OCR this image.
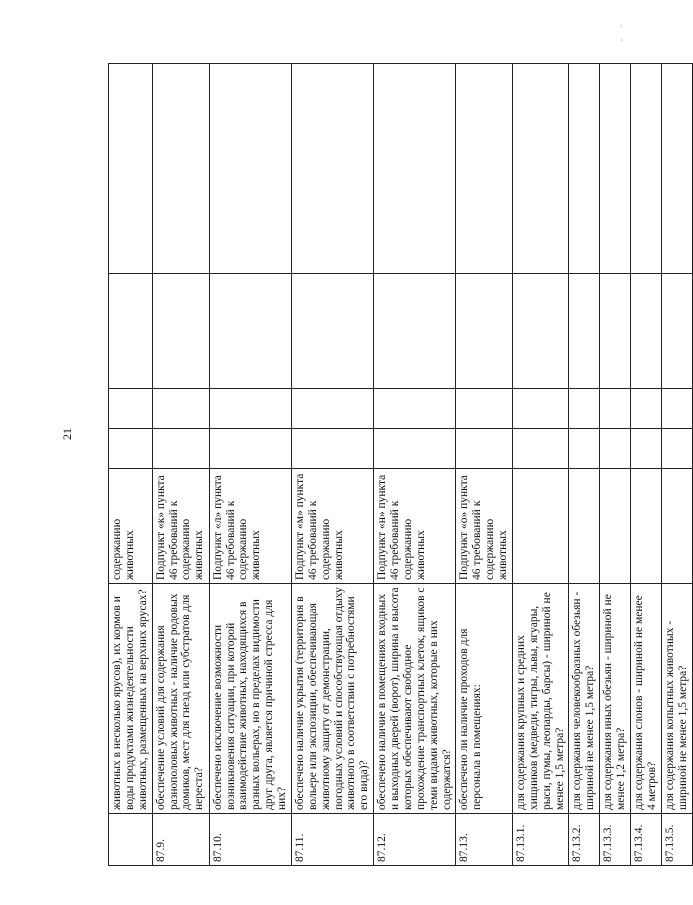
21
·
·
	животных в несколько ярусов), их кормов и воды продуктами жизнедеятельности животных, размещенных на верхних ярусах?	содержанию животных				
87.9.	обеспечение условий для содержания разнополовых животных - наличие родовых домиков, мест для гнезд или субстратов для нереста?	Подпункт «к» пункта 46 требований к содержанию животных				
87.10.	обеспечено исключение возможности возникновения ситуации, при которой взаимодействие животных, находящихся в разных вольерах, но в пределах видимости друг друга, является причиной стресса для них?	Подпункт «л» пункта 46 требований к содержанию животных				
87.11.	обеспечено наличие укрытия (территория в вольере или экспозиции, обеспечивающая животному защиту от демонстрации, погодных условий и способствующая отдыху животного в соответствии с потребностями его вида)?	Подпункт «м» пункта 46 требований к содержанию животных				
87.12.	обеспечено наличие в помещениях входных и выходных дверей (ворот), ширина и высота которых обеспечивают свободное прохождение транспортных клеток, ящиков с теми видами животных, которые в них содержатся?	Подпункт «н» пункта 46 требований к содержанию животных				
87.13.	обеспечено ли наличие проходов для персонала в помещениях:	Подпункт «о» пункта 46 требований к содержанию животных				
87.13.1.	для содержания крупных и средних хищников (медведи, тигры, львы, ягуары, рыси, пумы, леопарды, барсы) - шириной не менее 1,5 метра?					
87.13.2.	для содержания человекообразных обезьян - шириной не менее 1,5 метра?					
87.13.3.	для содержания иных обезьян - шириной не менее 1,2 метра?					
87.13.4.	для содержания слонов - шириной не менее 4 метров?					
87.13.5.	для содержания копытных животных - шириной не менее 1,5 метра?					
